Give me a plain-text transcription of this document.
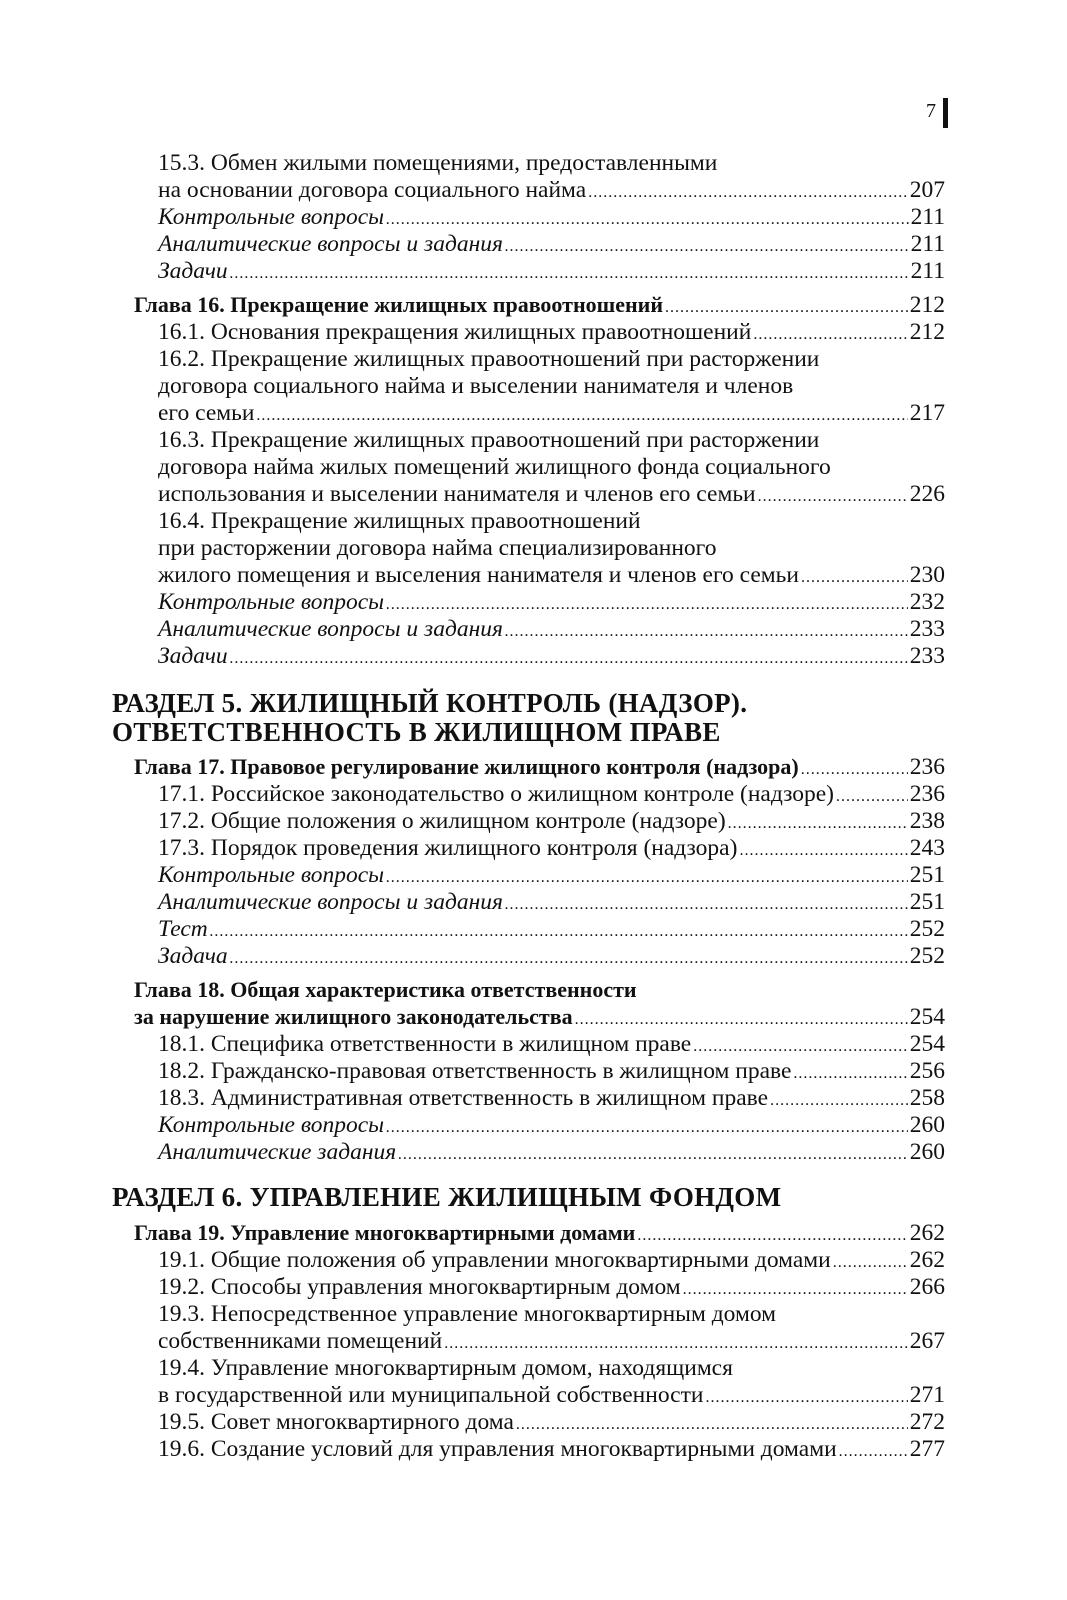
7
15.3. Обмен жилыми помещениями, предоставленными
на основании договора социального найма .....	207
Контрольные вопросы .....	211
Аналитические вопросы и задания .....	211
Задачи .....	211
Глава 16. Прекращение жилищных правоотношений .....	212
16.1. Основания прекращения жилищных правоотношений .....	212
16.2. Прекращение жилищных правоотношений при расторжении
договора социального найма и выселении нанимателя и членов
его семьи .....	217
16.3. Прекращение жилищных правоотношений при расторжении
договора найма жилых помещений жилищного фонда социального
использования и выселении нанимателя и членов его семьи .....	226
16.4. Прекращение жилищных правоотношений
при расторжении договора найма специализированного
жилого помещения и выселения нанимателя и членов его семьи .....	230
Контрольные вопросы .....	232
Аналитические вопросы и задания .....	233
Задачи .....	233
РАЗДЕЛ 5. ЖИЛИЩНЫЙ КОНТРОЛЬ (НАДЗОР).
ОТВЕТСТВЕННОСТЬ В ЖИЛИЩНОМ ПРАВЕ
Глава 17. Правовое регулирование жилищного контроля (надзора) .....	236
17.1. Российское законодательство о жилищном контроле (надзоре) .....	236
17.2. Общие положения о жилищном контроле (надзоре) .....	238
17.3. Порядок проведения жилищного контроля (надзора) .....	243
Контрольные вопросы .....	251
Аналитические вопросы и задания .....	251
Тест .....	252
Задача .....	252
Глава 18. Общая характеристика ответственности
за нарушение жилищного законодательства .....	254
18.1. Специфика ответственности в жилищном праве .....	254
18.2. Гражданско-правовая ответственность в жилищном праве .....	256
18.3. Административная ответственность в жилищном праве .....	258
Контрольные вопросы .....	260
Аналитические задания .....	260
РАЗДЕЛ 6. УПРАВЛЕНИЕ ЖИЛИЩНЫМ ФОНДОМ
Глава 19. Управление многоквартирными домами .....	262
19.1. Общие положения об управлении многоквартирными домами .....	262
19.2. Способы управления многоквартирным домом .....	266
19.3. Непосредственное управление многоквартирным домом
собственниками помещений .....	267
19.4. Управление многоквартирным домом, находящимся
в государственной или муниципальной собственности .....	271
19.5. Совет многоквартирного дома .....	272
19.6. Создание условий для управления многоквартирными домами .....	277
